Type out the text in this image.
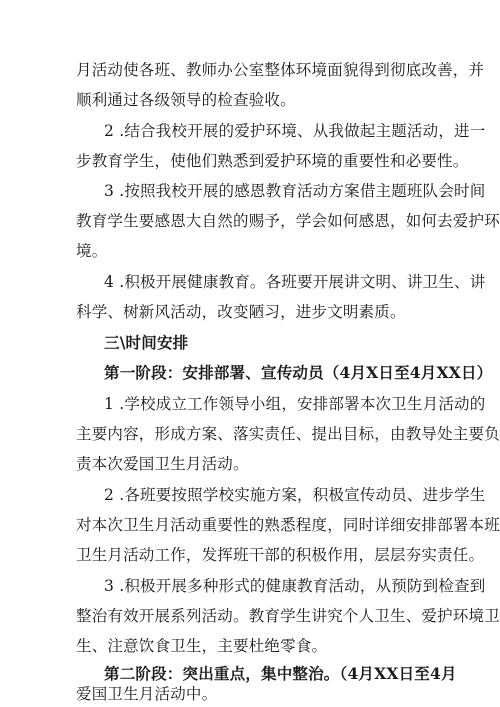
月活动使各班、教师办公室整体环境面貌得到彻底改善，并
顺利通过各级领导的检查验收。
2 .结合我校开展的爱护环境、从我做起主题活动，进一
步教育学生，使他们熟悉到爱护环境的重要性和必要性。
3 .按照我校开展的感恩教育活动方案借主题班队会时间
教育学生要感恩大自然的赐予，学会如何感恩，如何去爱护环
境。
4 .积极开展健康教育。各班要开展讲文明、讲卫生、讲
科学、树新风活动，改变陋习，进步文明素质。
三\时间安排
第一阶段：安排部署、宣传动员（4月X日至4月XX日）
1 .学校成立工作领导小组，安排部署本次卫生月活动的
主要内容，形成方案、落实责任、提出目标，由教导处主要负
责本次爱国卫生月活动。
2 .各班要按照学校实施方案，积极宣传动员、进步学生
对本次卫生月活动重要性的熟悉程度，同时详细安排部署本班
卫生月活动工作，发挥班干部的积极作用，层层夯实责任。
3 .积极开展多种形式的健康教育活动，从预防到检查到
整治有效开展系列活动。教育学生讲究个人卫生、爱护环境卫
生、注意饮食卫生，主要杜绝零食。
第二阶段：突出重点，集中整治。（4月XX日至4月
爱国卫生月活动中。
